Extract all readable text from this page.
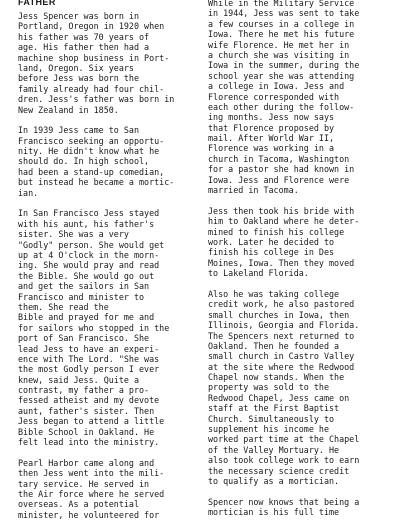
FATHER
Jess Spencer was born in
Portland, Oregon in 1920 when
his father was 70 years of
age. His father then had a
machine shop business in Port-
land, Oregon. Six years
before Jess was born the
family already had four chil-
dren. Jess's father was born in
New Zealand in 1850.
In 1939 Jess came to San
Francisco seeking an opportu-
nity. He didn't know what he
should do. In high school,
had been a stand-up comedian,
but instead he became a mortic-
ian.
In San Francisco Jess stayed
with his aunt, his father's
sister. She was a very
"Godly" person. She would get
up at 4 O'clock in the morn-
ing. She would pray and read
the Bible. She would go out
and get the sailors in San
Francisco and minister to
them. She read the
Bible and prayed for me and
for sailors who stopped in the
port of San Francisco. She
lead Jess to have an experi-
ence with The Lord. "She was
the most Godly person I ever
knew, said Jess. Quite a
contrast, my father a pro-
fessed atheist and my devote
aunt, father's sister. Then
Jess began to attend a little
Bible School in Oakland. He
felt lead into the ministry.
Pearl Harbor came along and
then Jess went into the mili-
tary service. He served in
the Air force where he served
overseas. As a potential
minister, he volunteered for
While in the Military Service
in 1944, Jess was sent to take
a few courses in a college in
Iowa. There he met his future
wife Florence. He met her in
a church she was visiting in
Iowa in the summer, during the
school year she was attending
a college in Iowa. Jess and
Florence corresponded with
each other during the follow-
ing months. Jess now says
that Florence proposed by
mail. After World War II,
Florence was working in a
church in Tacoma, Washington
for a pastor she had known in
Iowa. Jess and Florence were
married in Tacoma.
Jess then took his bride with
him to Oakland where he deter-
mined to finish his college
work. Later he decided to
finish his college in Des
Moines, Iowa. Then they moved
to Lakeland Florida.
Also he was taking college
credit work, he also pastored
small churches in Iowa, then
Illinois, Georgia and Florida.
The Spencers next returned to
Oakland. Then he founded a
small church in Castro Valley
at the site where the Redwood
Chapel now stands. When the
property was sold to the
Redwood Chapel, Jess came on
staff at the First Baptist
Church. Simultaneously to
supplement his income he
worked part time at the Chapel
of the Valley Mortuary. He
also took college work to earn
the necessary science credit
to qualify as a mortician.
Spencer now knows that being a
mortician is his full time
